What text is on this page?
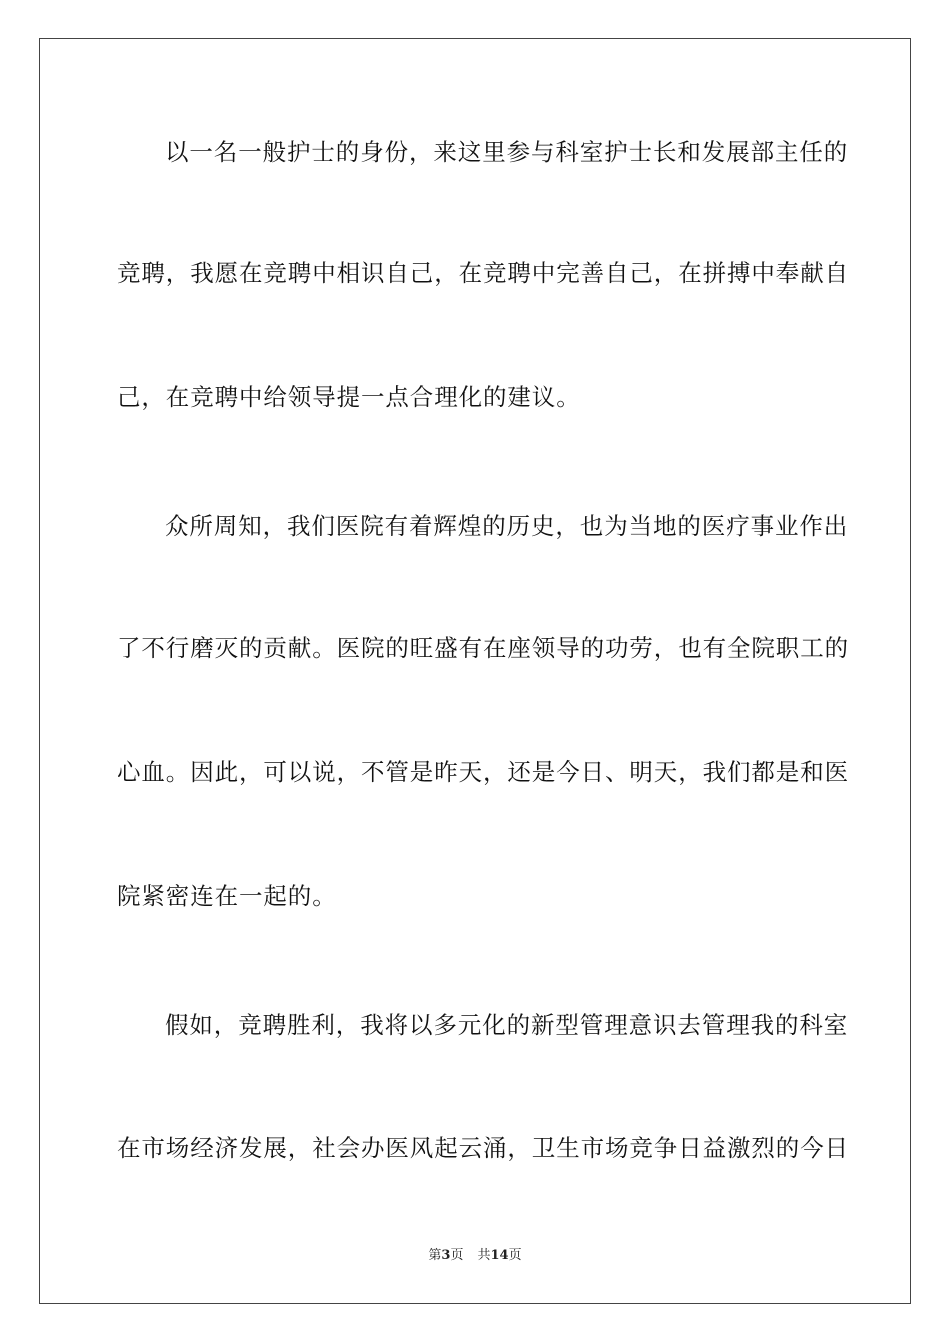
以一名一般护士的身份，来这里参与科室护士长和发展部主任的
竞聘，我愿在竞聘中相识自己，在竞聘中完善自己，在拼搏中奉献自
己，在竞聘中给领导提一点合理化的建议。
众所周知，我们医院有着辉煌的历史，也为当地的医疗事业作出
了不行磨灭的贡献。医院的旺盛有在座领导的功劳，也有全院职工的
心血。因此，可以说，不管是昨天，还是今日、明天，我们都是和医
院紧密连在一起的。
假如，竞聘胜利，我将以多元化的新型管理意识去管理我的科室
在市场经济发展，社会办医风起云涌，卫生市场竞争日益激烈的今日
第3页 共14页
